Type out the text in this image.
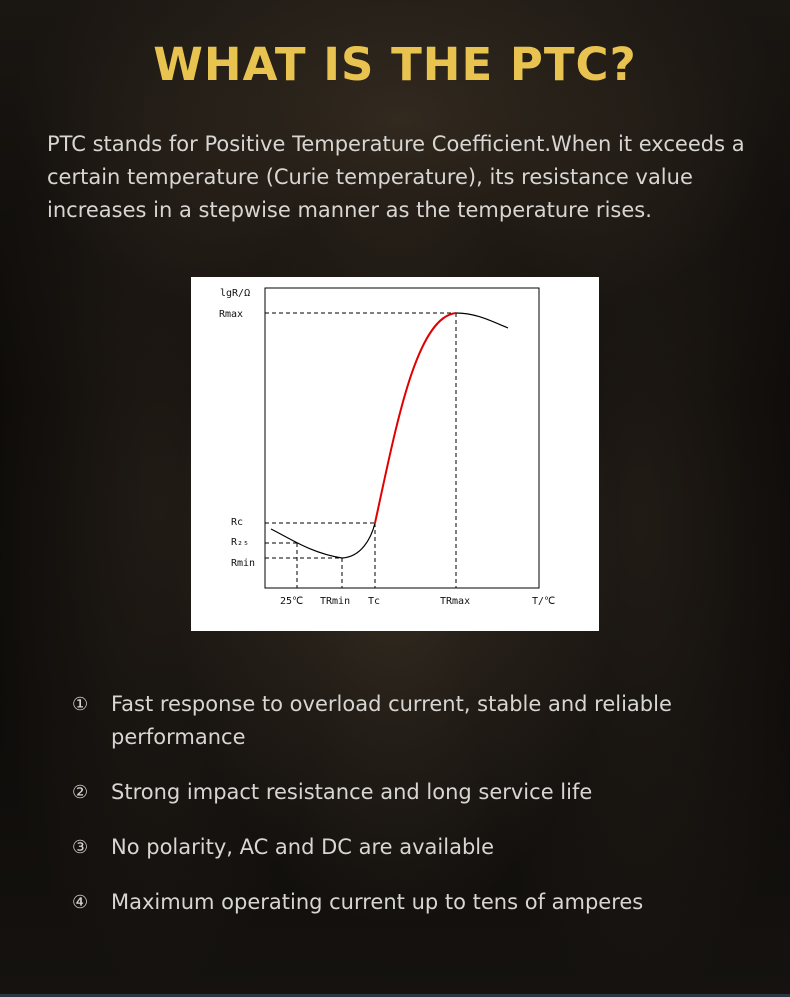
WHAT IS THE PTC?

PTC stands for Positive Temperature Coefficient.When it exceeds a certain temperature (Curie temperature), its resistance value increases in a stepwise manner as the temperature rises.

lgR/Ω
T/℃
Rmax
Rc
R₂₅
Rmin
25℃ TRmin Tc	TRmax
①	Fast response to overload current, stable and reliable performance
②	Strong impact resistance and long service life
③	No polarity, AC and DC are available
④	Maximum operating current up to tens of amperes
